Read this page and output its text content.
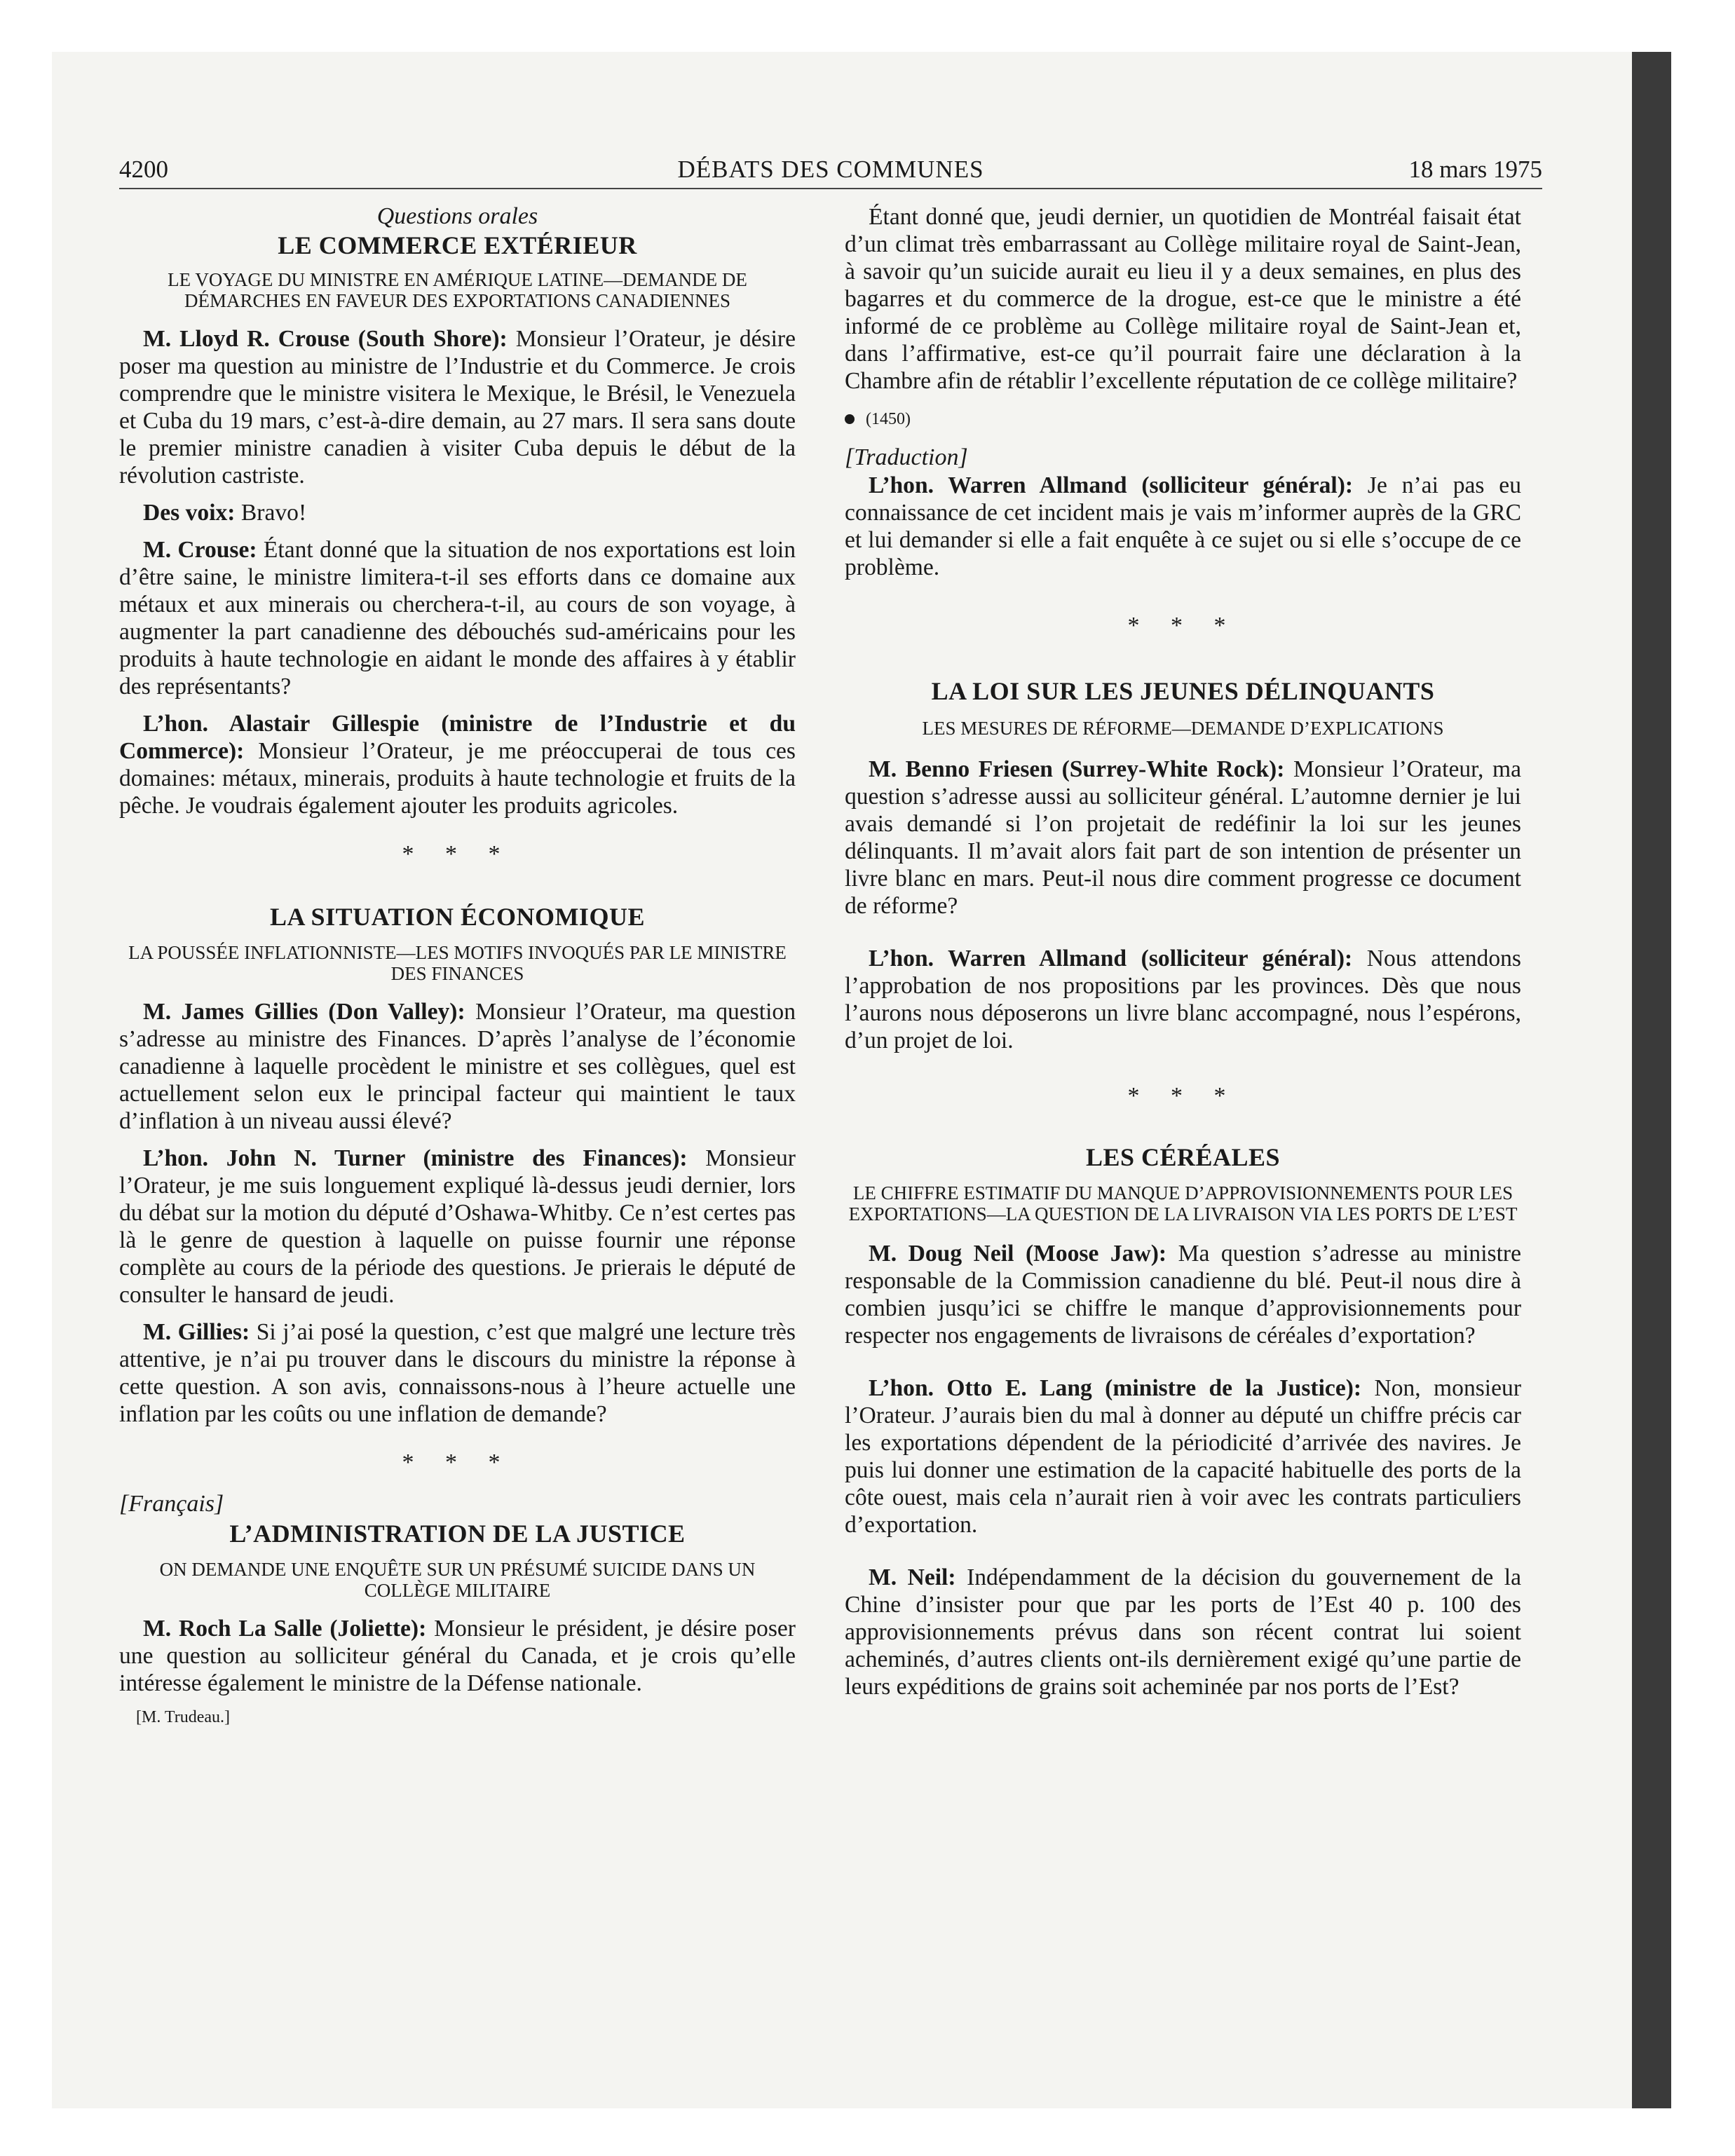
4200	DÉBATS DES COMMUNES	18 mars 1975

Questions orales

LE COMMERCE EXTÉRIEUR

LE VOYAGE DU MINISTRE EN AMÉRIQUE LATINE—DEMANDE DE DÉMARCHES EN FAVEUR DES EXPORTATIONS CANADIENNES

M. Lloyd R. Crouse (South Shore): Monsieur l’Orateur, je désire poser ma question au ministre de l’Industrie et du Commerce. Je crois comprendre que le ministre visitera le Mexique, le Brésil, le Venezuela et Cuba du 19 mars, c’est-à-dire demain, au 27 mars. Il sera sans doute le premier ministre canadien à visiter Cuba depuis le début de la révolution castriste.

Des voix: Bravo!

M. Crouse: Étant donné que la situation de nos exportations est loin d’être saine, le ministre limitera-t-il ses efforts dans ce domaine aux métaux et aux minerais ou cherchera-t-il, au cours de son voyage, à augmenter la part canadienne des débouchés sud-américains pour les produits à haute technologie en aidant le monde des affaires à y établir des représentants?

L’hon. Alastair Gillespie (ministre de l’Industrie et du Commerce): Monsieur l’Orateur, je me préoccuperai de tous ces domaines: métaux, minerais, produits à haute technologie et fruits de la pêche. Je voudrais également ajouter les produits agricoles.

* * *

LA SITUATION ÉCONOMIQUE

LA POUSSÉE INFLATIONNISTE—LES MOTIFS INVOQUÉS PAR LE MINISTRE DES FINANCES

M. James Gillies (Don Valley): Monsieur l’Orateur, ma question s’adresse au ministre des Finances. D’après l’analyse de l’économie canadienne à laquelle procèdent le ministre et ses collègues, quel est actuellement selon eux le principal facteur qui maintient le taux d’inflation à un niveau aussi élevé?

L’hon. John N. Turner (ministre des Finances): Monsieur l’Orateur, je me suis longuement expliqué là-dessus jeudi dernier, lors du débat sur la motion du député d’Oshawa-Whitby. Ce n’est certes pas là le genre de question à laquelle on puisse fournir une réponse complète au cours de la période des questions. Je prierais le député de consulter le hansard de jeudi.

M. Gillies: Si j’ai posé la question, c’est que malgré une lecture très attentive, je n’ai pu trouver dans le discours du ministre la réponse à cette question. A son avis, connaissons-nous à l’heure actuelle une inflation par les coûts ou une inflation de demande?

* * *

[Français]

L’ADMINISTRATION DE LA JUSTICE

ON DEMANDE UNE ENQUÊTE SUR UN PRÉSUMÉ SUICIDE DANS UN COLLÈGE MILITAIRE

M. Roch La Salle (Joliette): Monsieur le président, je désire poser une question au solliciteur général du Canada, et je crois qu’elle intéresse également le ministre de la Défense nationale.

[M. Trudeau.]

Étant donné que, jeudi dernier, un quotidien de Montréal faisait état d’un climat très embarrassant au Collège militaire royal de Saint-Jean, à savoir qu’un suicide aurait eu lieu il y a deux semaines, en plus des bagarres et du commerce de la drogue, est-ce que le ministre a été informé de ce problème au Collège militaire royal de Saint-Jean et, dans l’affirmative, est-ce qu’il pourrait faire une déclaration à la Chambre afin de rétablir l’excellente réputation de ce collège militaire?

(1450)

[Traduction]

L’hon. Warren Allmand (solliciteur général): Je n’ai pas eu connaissance de cet incident mais je vais m’informer auprès de la GRC et lui demander si elle a fait enquête à ce sujet ou si elle s’occupe de ce problème.

* * *

LA LOI SUR LES JEUNES DÉLINQUANTS

LES MESURES DE RÉFORME—DEMANDE D’EXPLICATIONS

M. Benno Friesen (Surrey-White Rock): Monsieur l’Orateur, ma question s’adresse aussi au solliciteur général. L’automne dernier je lui avais demandé si l’on projetait de redéfinir la loi sur les jeunes délinquants. Il m’avait alors fait part de son intention de présenter un livre blanc en mars. Peut-il nous dire comment progresse ce document de réforme?

L’hon. Warren Allmand (solliciteur général): Nous attendons l’approbation de nos propositions par les provinces. Dès que nous l’aurons nous déposerons un livre blanc accompagné, nous l’espérons, d’un projet de loi.

* * *

LES CÉRÉALES

LE CHIFFRE ESTIMATIF DU MANQUE D’APPROVISIONNEMENTS POUR LES EXPORTATIONS—LA QUESTION DE LA LIVRAISON VIA LES PORTS DE L’EST

M. Doug Neil (Moose Jaw): Ma question s’adresse au ministre responsable de la Commission canadienne du blé. Peut-il nous dire à combien jusqu’ici se chiffre le manque d’approvisionnements pour respecter nos engagements de livraisons de céréales d’exportation?

L’hon. Otto E. Lang (ministre de la Justice): Non, monsieur l’Orateur. J’aurais bien du mal à donner au député un chiffre précis car les exportations dépendent de la périodicité d’arrivée des navires. Je puis lui donner une estimation de la capacité habituelle des ports de la côte ouest, mais cela n’aurait rien à voir avec les contrats particuliers d’exportation.

M. Neil: Indépendamment de la décision du gouvernement de la Chine d’insister pour que par les ports de l’Est 40 p. 100 des approvisionnements prévus dans son récent contrat lui soient acheminés, d’autres clients ont-ils dernièrement exigé qu’une partie de leurs expéditions de grains soit acheminée par nos ports de l’Est?
